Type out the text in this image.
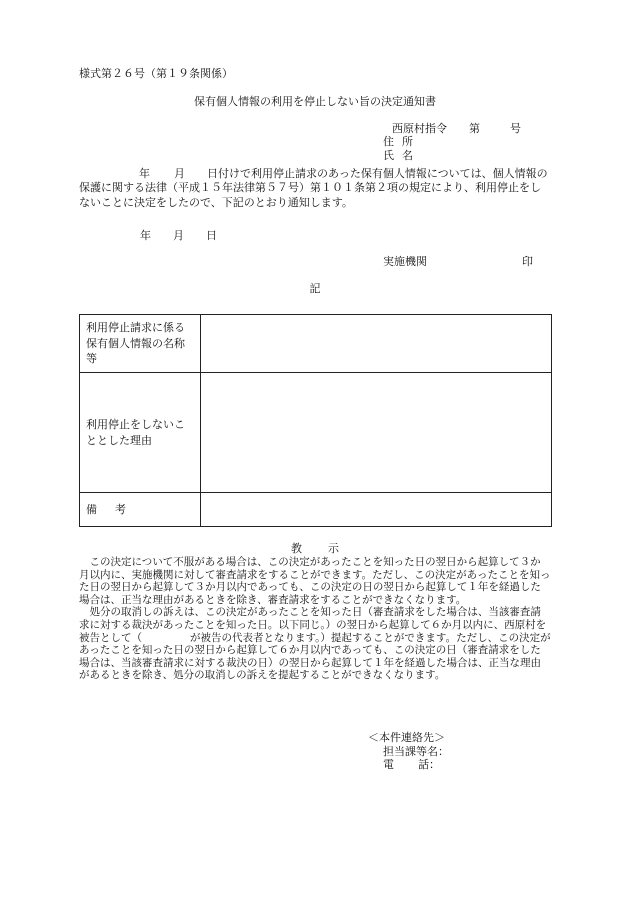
様式第２６号（第１９条関係）
保有個人情報の利用を停止しない旨の決定通知書
西原村指令 第	号
住 所
氏 名
年 月 日付けで利用停止請求のあった保有個人情報については、個人情報の保護に関する法律（平成１５年法律第５７号）第１０１条第２項の規定により、利用停止をしないことに決定をしたので、下記のとおり通知します。
年 月 日
実施機関	印
記
利用停止請求に係る保有個人情報の名称等	
利用停止をしないこととした理由	
備 考	
教 示

この決定について不服がある場合は、この決定があったことを知った日の翌日から起算して３か月以内に、実施機関に対して審査請求をすることができます。ただし、この決定があったことを知った日の翌日から起算して３か月以内であっても、この決定の日の翌日から起算して１年を経過した場合は、正当な理由があるときを除き、審査請求をすることができなくなります。

処分の取消しの訴えは、この決定があったことを知った日（審査請求をした場合は、当該審査請求に対する裁決があったことを知った日。以下同じ。）の翌日から起算して６か月以内に、西原村を被告として（	が被告の代表者となります。）提起することができます。ただし、この決定があったことを知った日の翌日から起算して６か月以内であっても、この決定の日（審査請求をした場合は、当該審査請求に対する裁決の日）の翌日から起算して１年を経過した場合は、正当な理由があるときを除き、処分の取消しの訴えを提起することができなくなります。

＜本件連絡先＞
担当課等名：
電 話：
